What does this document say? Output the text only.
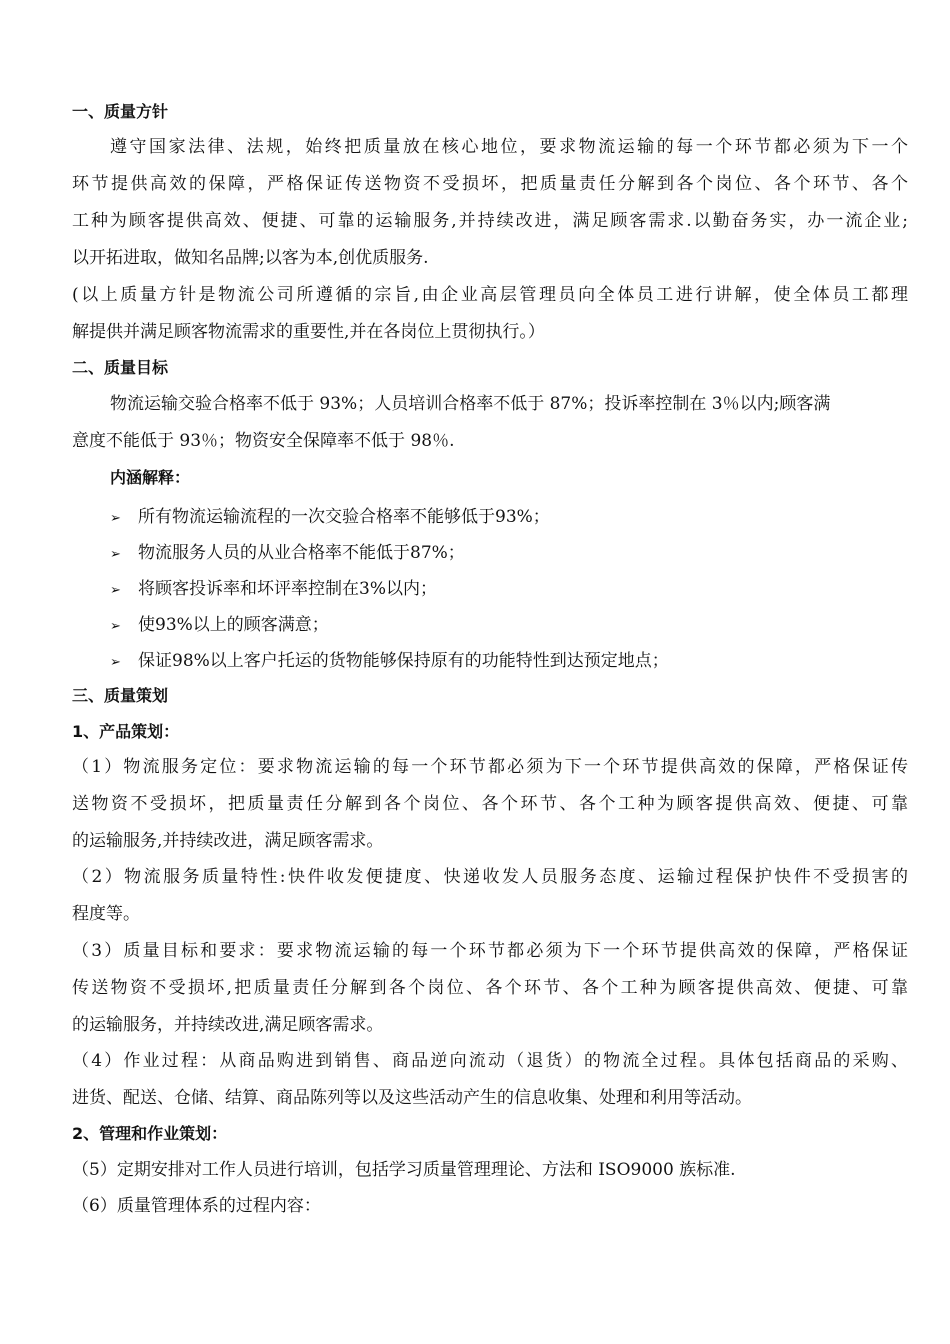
一、质量方针
遵守国家法律、法规，始终把质量放在核心地位，要求物流运输的每一个环节都必须为下一个
环节提供高效的保障，严格保证传送物资不受损坏，把质量责任分解到各个岗位、各个环节、各个
工种为顾客提供高效、便捷、可靠的运输服务,并持续改进，满足顾客需求.以勤奋务实，办一流企业;
以开拓进取，做知名品牌;以客为本,创优质服务.
(以上质量方针是物流公司所遵循的宗旨,由企业高层管理员向全体员工进行讲解，使全体员工都理
解提供并满足顾客物流需求的重要性,并在各岗位上贯彻执行。）
二、质量目标
物流运输交验合格率不低于 93%；人员培训合格率不低于 87%；投诉率控制在 3％以内;顾客满
意度不能低于 93％；物资安全保障率不低于 98％.
内涵解释：
➢ 所有物流运输流程的一次交验合格率不能够低于93%；
➢ 物流服务人员的从业合格率不能低于87%；
➢ 将顾客投诉率和坏评率控制在3%以内；
➢ 使93%以上的顾客满意；
➢ 保证98%以上客户托运的货物能够保持原有的功能特性到达预定地点；
三、质量策划
1、产品策划：
（1）物流服务定位：要求物流运输的每一个环节都必须为下一个环节提供高效的保障，严格保证传
送物资不受损坏，把质量责任分解到各个岗位、各个环节、各个工种为顾客提供高效、便捷、可靠
的运输服务,并持续改进，满足顾客需求。
（2）物流服务质量特性:快件收发便捷度、快递收发人员服务态度、运输过程保护快件不受损害的
程度等。
（3）质量目标和要求：要求物流运输的每一个环节都必须为下一个环节提供高效的保障，严格保证
传送物资不受损坏,把质量责任分解到各个岗位、各个环节、各个工种为顾客提供高效、便捷、可靠
的运输服务，并持续改进,满足顾客需求。
（4）作业过程：从商品购进到销售、商品逆向流动（退货）的物流全过程。具体包括商品的采购、
进货、配送、仓储、结算、商品陈列等以及这些活动产生的信息收集、处理和利用等活动。
2、管理和作业策划：
（5）定期安排对工作人员进行培训，包括学习质量管理理论、方法和 ISO9000 族标准.
（6）质量管理体系的过程内容：
